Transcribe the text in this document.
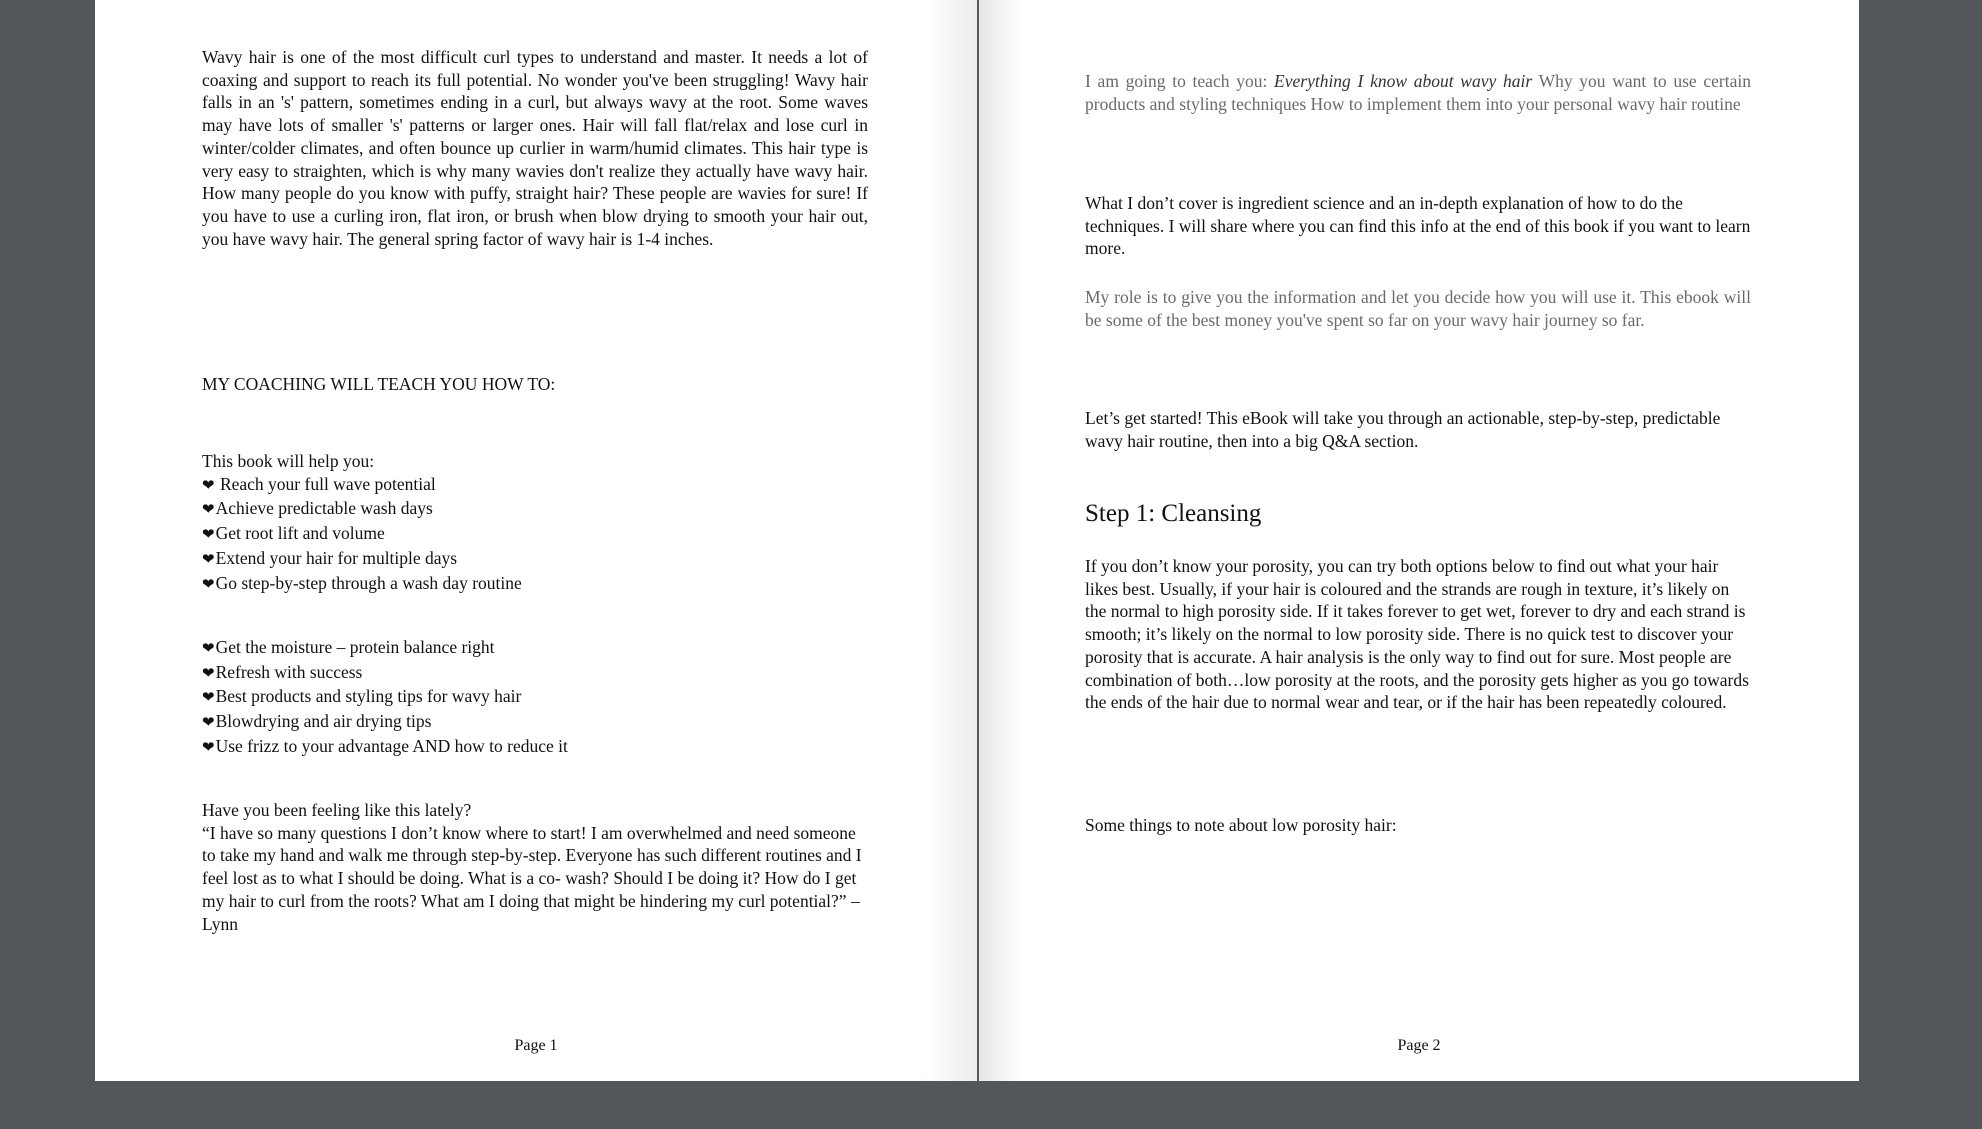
Wavy hair is one of the most difficult curl types to understand and master. It needs a lot of coaxing and support to reach its full potential. No wonder you've been struggling! Wavy hair falls in an 's' pattern, sometimes ending in a curl, but always wavy at the root. Some waves may have lots of smaller 's' patterns or larger ones. Hair will fall flat/relax and lose curl in winter/colder climates, and often bounce up curlier in warm/humid climates. This hair type is very easy to straighten, which is why many wavies don't realize they actually have wavy hair. How many people do you know with puffy, straight hair? These people are wavies for sure! If you have to use a curling iron, flat iron, or brush when blow drying to smooth your hair out, you have wavy hair. The general spring factor of wavy hair is 1-4 inches.

MY COACHING WILL TEACH YOU HOW TO:

This book will help you:
❤ Reach your full wave potential
❤Achieve predictable wash days
❤Get root lift and volume
❤Extend your hair for multiple days
❤Go step-by-step through a wash day routine
❤Get the moisture – protein balance right
❤Refresh with success
❤Best products and styling tips for wavy hair
❤Blowdrying and air drying tips
❤Use frizz to your advantage AND how to reduce it
Have you been feeling like this lately?
“I have so many questions I don’t know where to start! I am overwhelmed and need someone to take my hand and walk me through step-by-step. Everyone has such different routines and I feel lost as to what I should be doing. What is a co- wash? Should I be doing it? How do I get my hair to curl from the roots? What am I doing that might be hindering my curl potential?” – Lynn
Page 1

I am going to teach you: Everything I know about wavy hair Why you want to use certain products and styling techniques How to implement them into your personal wavy hair routine

What I don’t cover is ingredient science and an in-depth explanation of how to do the techniques. I will share where you can find this info at the end of this book if you want to learn more.

My role is to give you the information and let you decide how you will use it. This ebook will be some of the best money you've spent so far on your wavy hair journey so far.

Let’s get started! This eBook will take you through an actionable, step-by-step, predictable wavy hair routine, then into a big Q&A section.

Step 1: Cleansing

If you don’t know your porosity, you can try both options below to find out what your hair likes best. Usually, if your hair is coloured and the strands are rough in texture, it’s likely on the normal to high porosity side. If it takes forever to get wet, forever to dry and each strand is smooth; it’s likely on the normal to low porosity side. There is no quick test to discover your porosity that is accurate. A hair analysis is the only way to find out for sure. Most people are combination of both…low porosity at the roots, and the porosity gets higher as you go towards the ends of the hair due to normal wear and tear, or if the hair has been repeatedly coloured.

Some things to note about low porosity hair:

Page 2
